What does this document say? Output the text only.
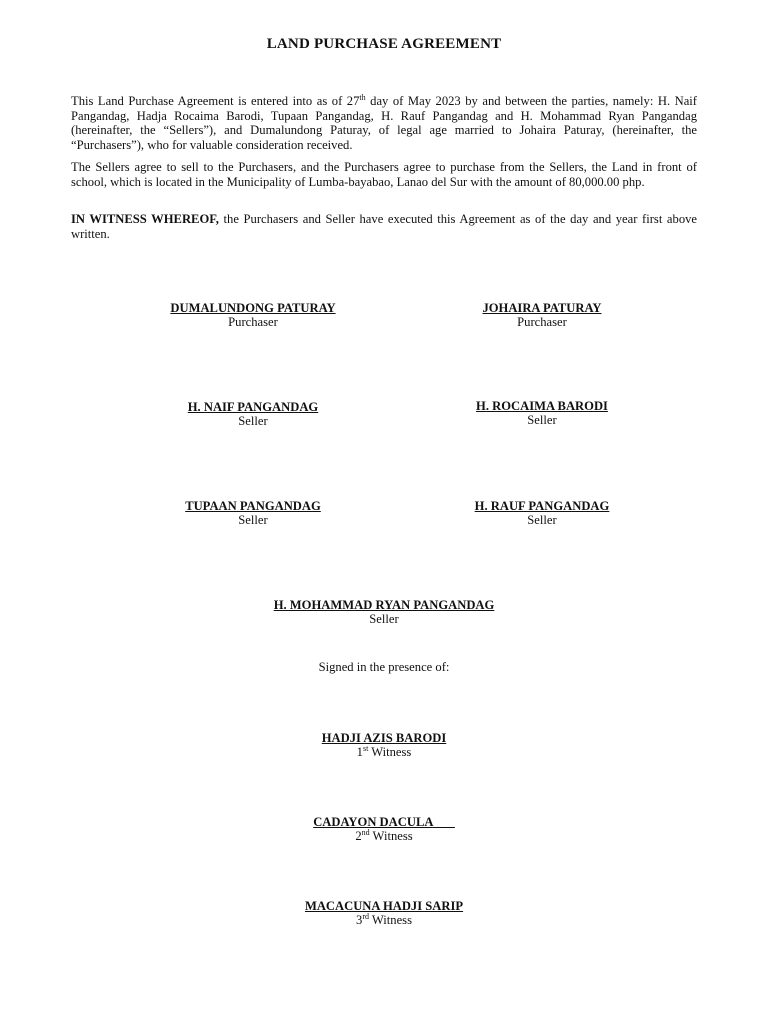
LAND PURCHASE AGREEMENT

This Land Purchase Agreement is entered into as of 27th day of May 2023 by and between the parties, namely: H. Naif Pangandag, Hadja Rocaima Barodi, Tupaan Pangandag, H. Rauf Pangandag and H. Mohammad Ryan Pangandag (hereinafter, the “Sellers”), and Dumalundong Paturay, of legal age married to Johaira Paturay, (hereinafter, the “Purchasers”), who for valuable consideration received.

The Sellers agree to sell to the Purchasers, and the Purchasers agree to purchase from the Sellers, the Land in front of school, which is located in the Municipality of Lumba-bayabao, Lanao del Sur with the amount of 80,000.00 php.

IN WITNESS WHEREOF, the Purchasers and Seller have executed this Agreement as of the day and year first above written.

DUMALUNDONG PATURAY
Purchaser
JOHAIRA PATURAY
Purchaser
H. NAIF PANGANDAG
Seller
H. ROCAIMA BARODI
Seller
TUPAAN PANGANDAG
Seller
H. RAUF PANGANDAG
Seller
H. MOHAMMAD RYAN PANGANDAG
Seller
Signed in the presence of:
HADJI AZIS BARODI
1st Witness
CADAYON DACULA
2nd Witness
MACACUNA HADJI SARIP
3rd Witness
